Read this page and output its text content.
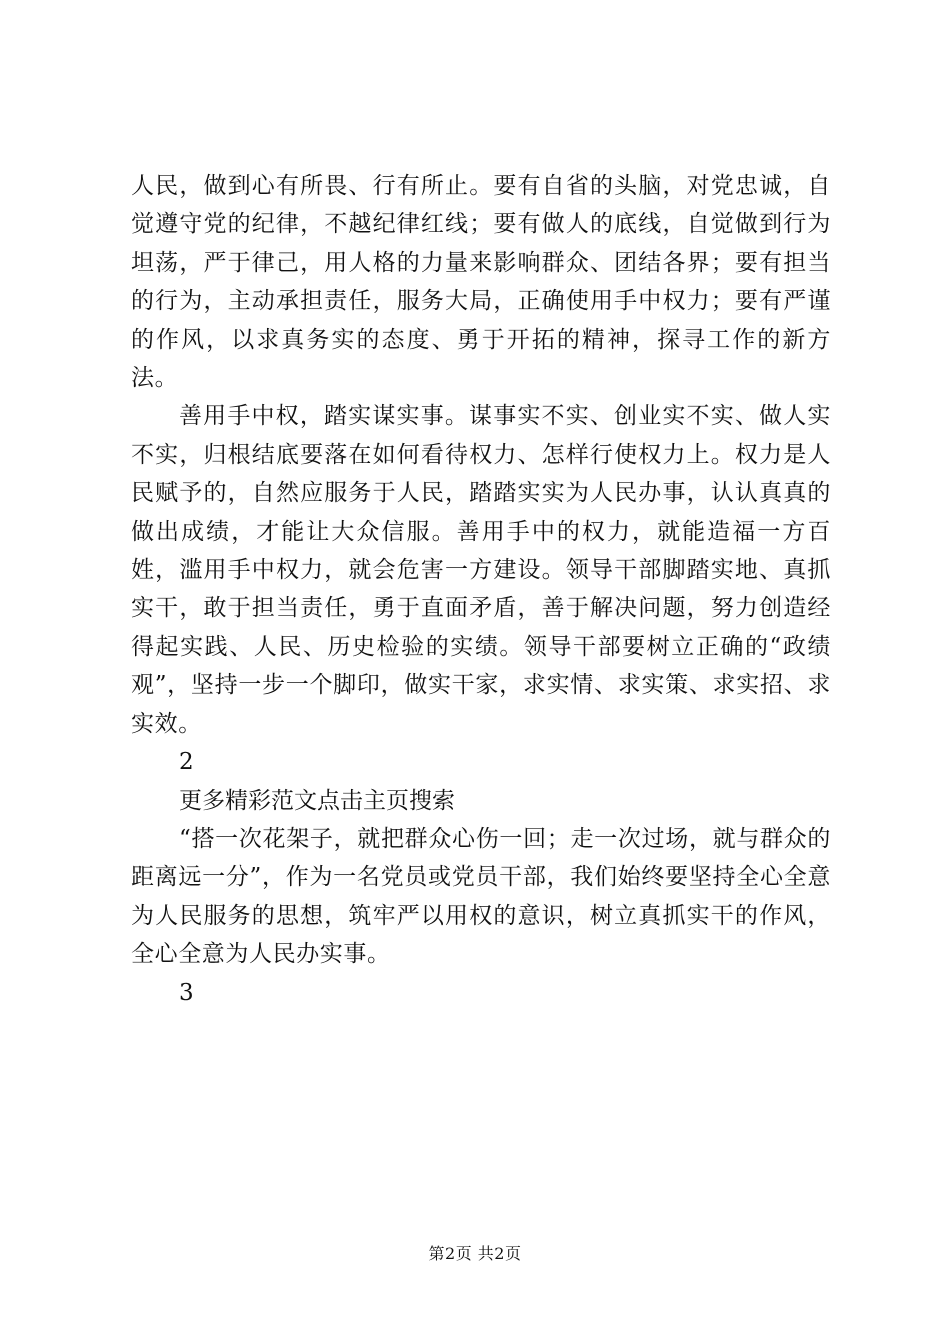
人民，做到心有所畏、行有所止。要有自省的头脑，对党忠诚，自觉遵守党的纪律，不越纪律红线；要有做人的底线，自觉做到行为坦荡，严于律己，用人格的力量来影响群众、团结各界；要有担当的行为，主动承担责任，服务大局，正确使用手中权力；要有严谨的作风，以求真务实的态度、勇于开拓的精神，探寻工作的新方法。

善用手中权，踏实谋实事。谋事实不实、创业实不实、做人实不实，归根结底要落在如何看待权力、怎样行使权力上。权力是人民赋予的，自然应服务于人民，踏踏实实为人民办事，认认真真的做出成绩，才能让大众信服。善用手中的权力，就能造福一方百姓，滥用手中权力，就会危害一方建设。领导干部脚踏实地、真抓实干，敢于担当责任，勇于直面矛盾，善于解决问题，努力创造经得起实践、人民、历史检验的实绩。领导干部要树立正确的“政绩观”，坚持一步一个脚印，做实干家，求实情、求实策、求实招、求实效。

2

更多精彩范文点击主页搜索

“搭一次花架子，就把群众心伤一回；走一次过场，就与群众的距离远一分”，作为一名党员或党员干部，我们始终要坚持全心全意为人民服务的思想，筑牢严以用权的意识，树立真抓实干的作风，全心全意为人民办实事。

3

第2页 共2页
